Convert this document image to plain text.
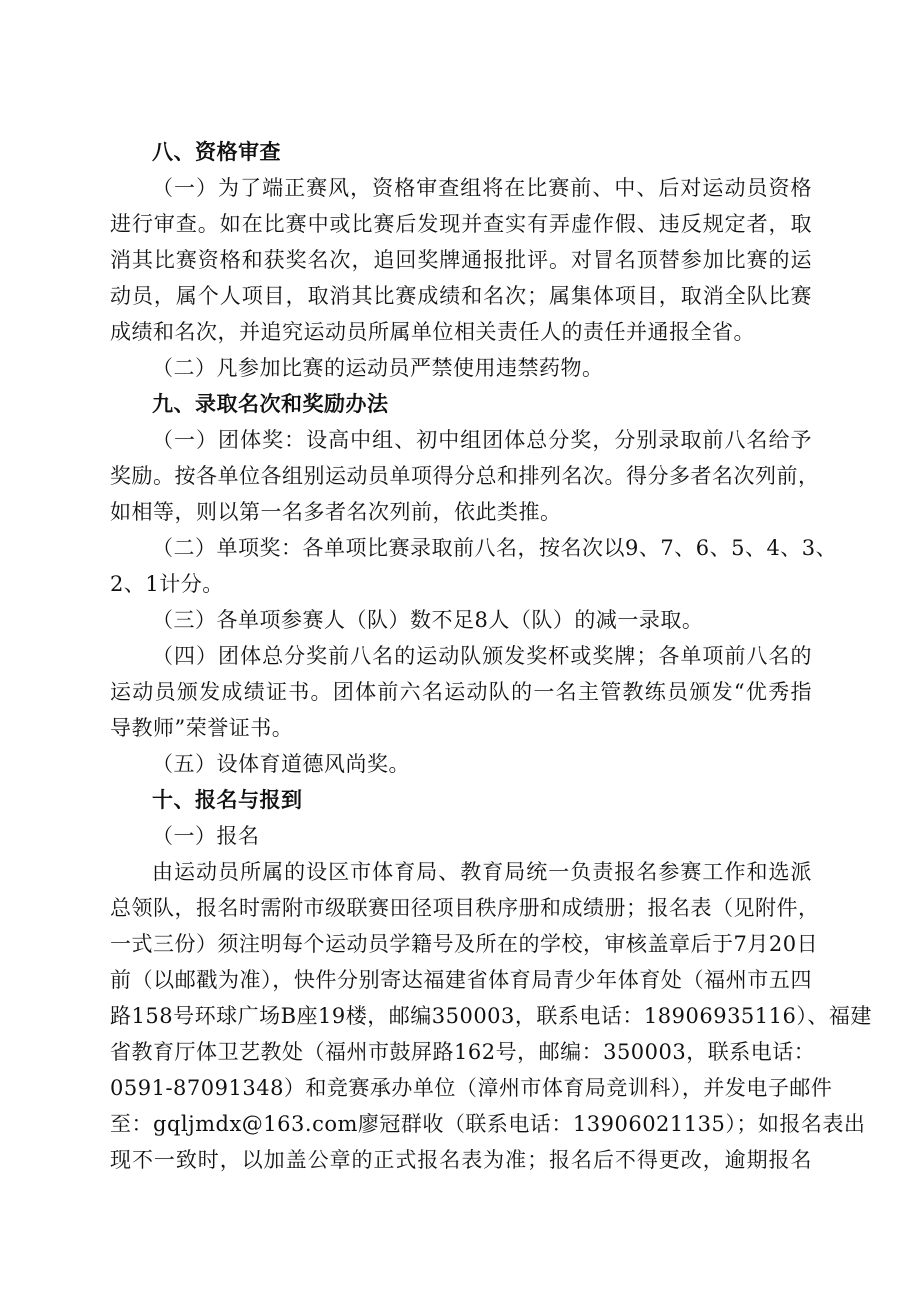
八、资格审查
（一）为了端正赛风，资格审查组将在比赛前、中、后对运动员资格
进行审查。如在比赛中或比赛后发现并查实有弄虚作假、违反规定者，取
消其比赛资格和获奖名次，追回奖牌通报批评。对冒名顶替参加比赛的运
动员，属个人项目，取消其比赛成绩和名次；属集体项目，取消全队比赛
成绩和名次，并追究运动员所属单位相关责任人的责任并通报全省。
（二）凡参加比赛的运动员严禁使用违禁药物。
九、录取名次和奖励办法
（一）团体奖：设高中组、初中组团体总分奖，分别录取前八名给予
奖励。按各单位各组别运动员单项得分总和排列名次。得分多者名次列前，
如相等，则以第一名多者名次列前，依此类推。
（二）单项奖：各单项比赛录取前八名，按名次以9、7、6、5、4、3、
2、1计分。
（三）各单项参赛人（队）数不足8人（队）的减一录取。
（四）团体总分奖前八名的运动队颁发奖杯或奖牌；各单项前八名的
运动员颁发成绩证书。团体前六名运动队的一名主管教练员颁发“优秀指
导教师”荣誉证书。
（五）设体育道德风尚奖。
十、报名与报到
（一）报名
由运动员所属的设区市体育局、教育局统一负责报名参赛工作和选派
总领队，报名时需附市级联赛田径项目秩序册和成绩册；报名表（见附件，
一式三份）须注明每个运动员学籍号及所在的学校，审核盖章后于7月20日
前（以邮戳为准），快件分别寄达福建省体育局青少年体育处（福州市五四
路158号环球广场B座19楼，邮编350003，联系电话：18906935116）、福建
省教育厅体卫艺教处（福州市鼓屏路162号，邮编：350003，联系电话：
0591-87091348）和竞赛承办单位（漳州市体育局竞训科），并发电子邮件
至：gqljmdx@163.com廖冠群收（联系电话：13906021135）；如报名表出
现不一致时，以加盖公章的正式报名表为准；报名后不得更改，逾期报名
